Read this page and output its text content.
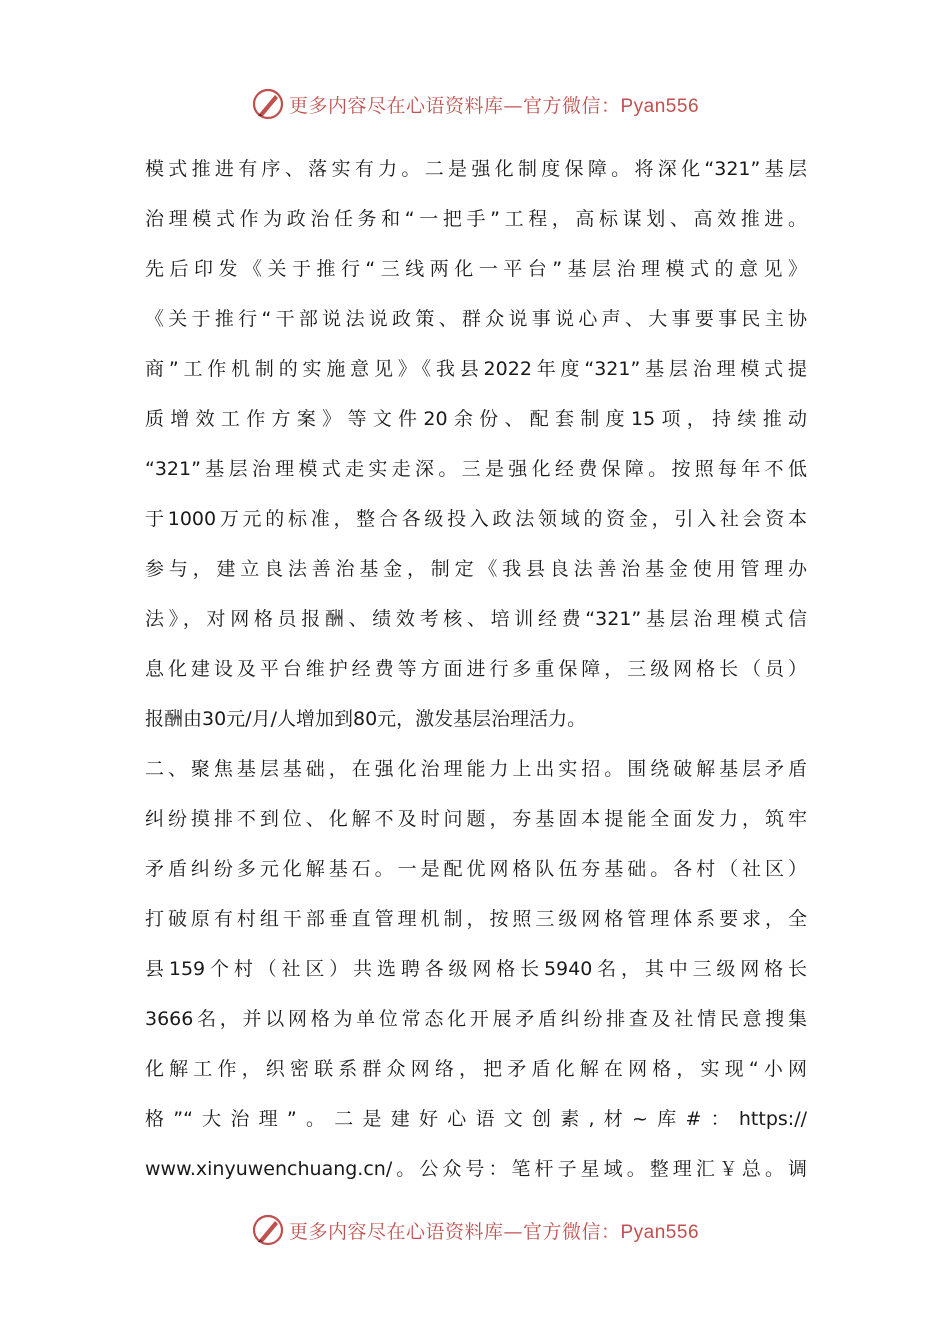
更多内容尽在心语资料库—官方微信：Pyan556
模式推进有序、落实有力。二是强化制度保障。将深化“321”基层
治理模式作为政治任务和“一把手”工程，高标谋划、高效推进。
先后印发《关于推行“三线两化一平台”基层治理模式的意见》
《关于推行“干部说法说政策、群众说事说心声、大事要事民主协
商”工作机制的实施意见》《我县2022年度“321”基层治理模式提
质增效工作方案》等文件20余份、配套制度15项，持续推动
“321”基层治理模式走实走深。三是强化经费保障。按照每年不低
于1000万元的标准，整合各级投入政法领域的资金，引入社会资本
参与，建立良法善治基金，制定《我县良法善治基金使用管理办
法》，对网格员报酬、绩效考核、培训经费“321”基层治理模式信
息化建设及平台维护经费等方面进行多重保障，三级网格长（员）
报酬由30元/月/人增加到80元，激发基层治理活力。
二、聚焦基层基础，在强化治理能力上出实招。围绕破解基层矛盾
纠纷摸排不到位、化解不及时问题，夯基固本提能全面发力，筑牢
矛盾纠纷多元化解基石。一是配优网格队伍夯基础。各村（社区）
打破原有村组干部垂直管理机制，按照三级网格管理体系要求，全
县159个村（社区）共选聘各级网格长5940名，其中三级网格长
3666名，并以网格为单位常态化开展矛盾纠纷排查及社情民意搜集
化解工作，织密联系群众网络，把矛盾化解在网格，实现“小网
格”“大治理”。二是建好心语文创素,材~库#：https://
www.xinyuwenchuang.cn/。公众号：笔杆子星域。整理汇￥总。调
更多内容尽在心语资料库—官方微信：Pyan556
